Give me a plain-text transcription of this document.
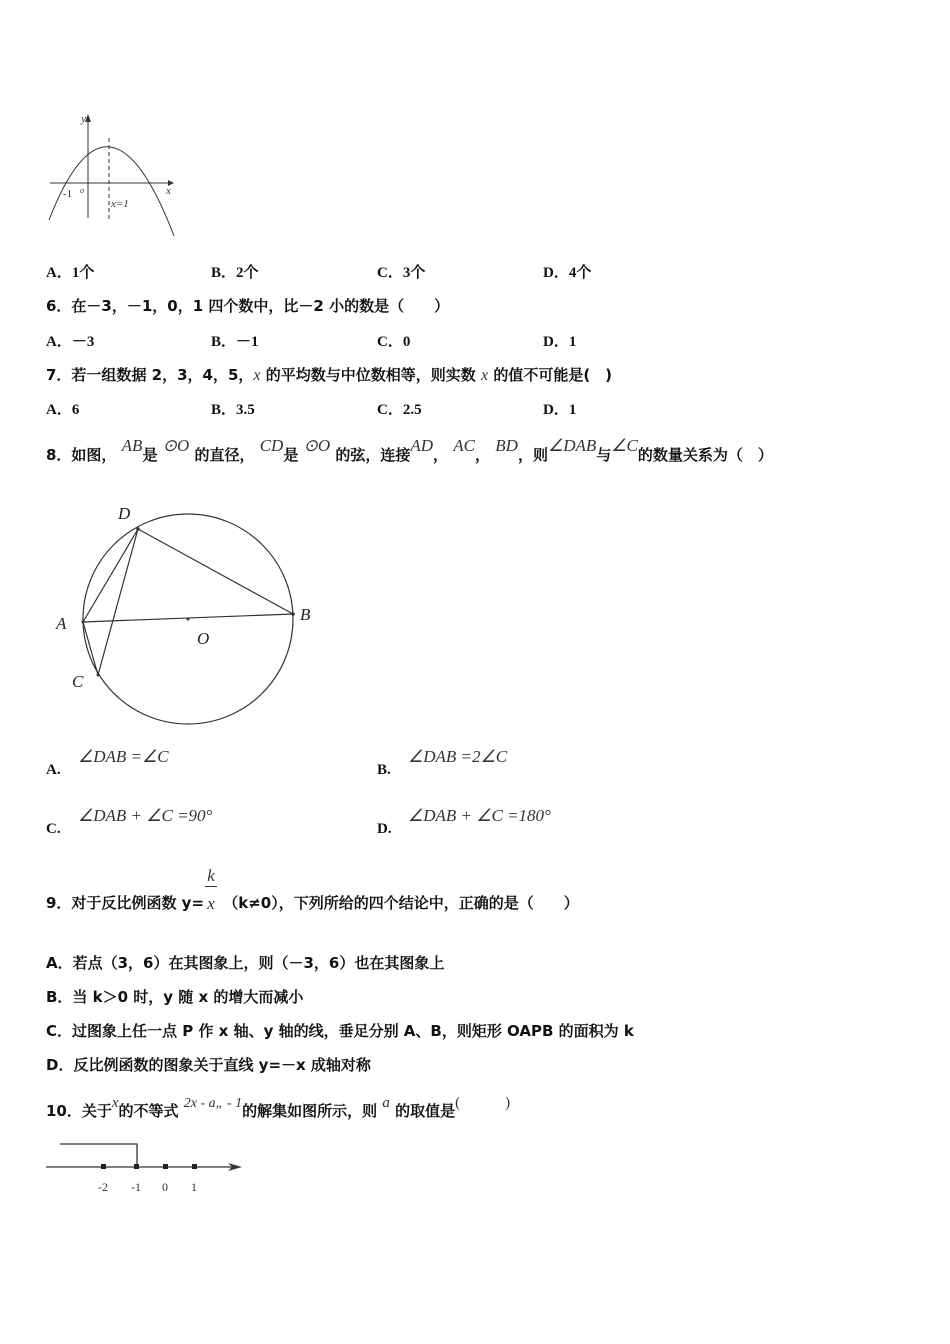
y
x
o
-1
x=1
A．1个	B．2个	C．3个	D．4个
6．在－3，－1，0，1 四个数中，比－2 小的数是（　　）
A．－3	B．－1	C．0	D．1
7．若一组数据 2，3，4，5，x 的平均数与中位数相等，则实数 x 的值不可能是(　)
A．6	B．3.5	C．2.5	D．1
8．如图， AB是 ⊙O 的直径， CD是 ⊙O 的弦，连接AD， AC， BD，则∠DAB与∠C的数量关系为（　）
D
B
A
O
C
A.
∠DAB =∠C
B.
∠DAB =2∠C
C.
∠DAB + ∠C =90°
D.
∠DAB + ∠C =180°
9．对于反比例函数 $y= \frac{k}{x} (k\ne 0)$，下列所给的四个结论中，正确的是（　　）
A．若点（3，6）在其图象上，则（－3，6）也在其图象上
B．当 k＞0 时，y 随 x 的增大而减小
C．过图象上任一点 P 作 x 轴、y 轴的线，垂足分别 A、B，则矩形 OAPB 的面积为 k
D．反比例函数的图象关于直线 y=－x 成轴对称
10．关于x的不等式 2x - a„ - 1的解集如图所示，则 a 的取值是(　　　)
-2 -1 0 1
